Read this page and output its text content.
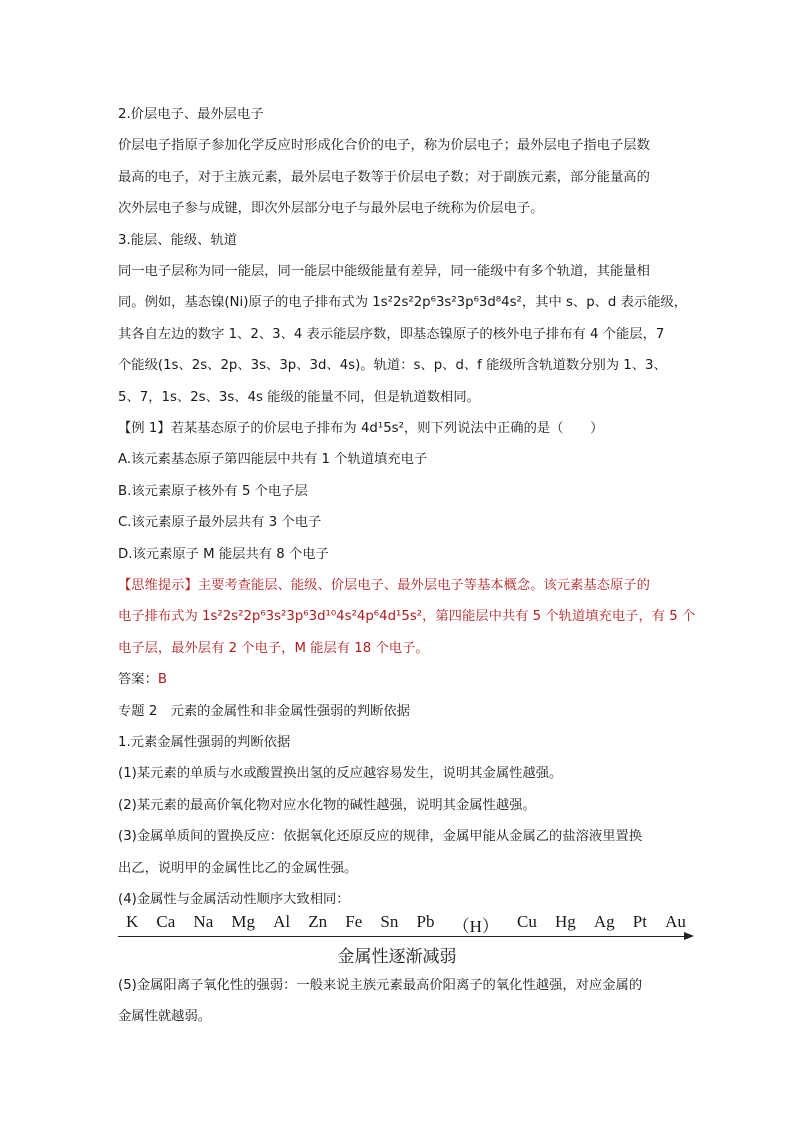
2.价层电子、最外层电子
价层电子指原子参加化学反应时形成化合价的电子，称为价层电子；最外层电子指电子层数
最高的电子，对于主族元素，最外层电子数等于价层电子数；对于副族元素，部分能量高的
次外层电子参与成键，即次外层部分电子与最外层电子统称为价层电子。
3.能层、能级、轨道
同一电子层称为同一能层，同一能层中能级能量有差异，同一能级中有多个轨道，其能量相
同。例如，基态镍(Ni)原子的电子排布式为 1s²2s²2p⁶3s²3p⁶3d⁸4s²，其中 s、p、d 表示能级，
其各自左边的数字 1、2、3、4 表示能层序数，即基态镍原子的核外电子排布有 4 个能层，7
个能级(1s、2s、2p、3s、3p、3d、4s)。轨道：s、p、d、f 能级所含轨道数分别为 1、3、
5、7，1s、2s、3s、4s 能级的能量不同，但是轨道数相同。
【例 1】若某基态原子的价层电子排布为 4d¹5s²，则下列说法中正确的是（　　）
A.该元素基态原子第四能层中共有 1 个轨道填充电子
B.该元素原子核外有 5 个电子层
C.该元素原子最外层共有 3 个电子
D.该元素原子 M 能层共有 8 个电子
【思维提示】主要考查能层、能级、价层电子、最外层电子等基本概念。该元素基态原子的
电子排布式为 1s²2s²2p⁶3s²3p⁶3d¹⁰4s²4p⁶4d¹5s²，第四能层中共有 5 个轨道填充电子，有 5 个
电子层，最外层有 2 个电子，M 能层有 18 个电子。
答案：B
专题 2　元素的金属性和非金属性强弱的判断依据
1.元素金属性强弱的判断依据
(1)某元素的单质与水或酸置换出氢的反应越容易发生，说明其金属性越强。
(2)某元素的最高价氧化物对应水化物的碱性越强，说明其金属性越强。
(3)金属单质间的置换反应：依据氧化还原反应的规律，金属甲能从金属乙的盐溶液里置换
出乙，说明甲的金属性比乙的金属性强。
(4)金属性与金属活动性顺序大致相同：
K Ca Na Mg Al Zn Fe Sn Pb （H） Cu Hg Ag Pt Au
金属性逐渐减弱
(5)金属阳离子氧化性的强弱：一般来说主族元素最高价阳离子的氧化性越强，对应金属的
金属性就越弱。
